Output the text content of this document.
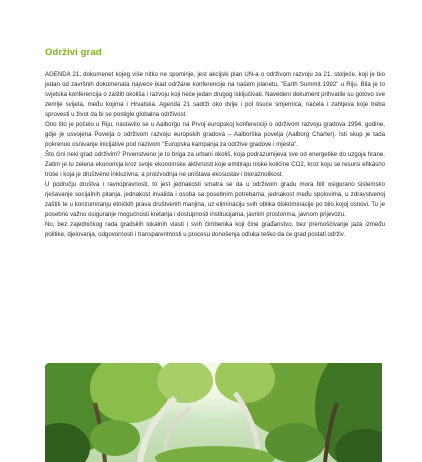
Održivi grad

AGENDA 21, dokumenet kojeg više nitko ne spominje, jest akcijski plan UN-a o održivom razvoju za 21. stoljeće, koji je bio jedan od završnih dokumenata najveće ikad održane konferencije na našem planetu, "Earth Summit 1992" u Riju. Bila je to svjetska konferencija o zaštiti okoliša i razvoju koji neće jedan drugog isključivati. Navedeni dokument prihvatile su gotovo sve zemlje svijeta, među kojima i Hrvatska. Agenda 21 sadrži oko dvije i pol tisuće smjernica, načela i zahtjeva koje treba sprovesti u život da bi se postigle globalna održivost.

Ono što je počelo u Riju, nastavilo se u Aalborgu na Prvoj europskoj konferenciji o održivom razvoju gradova 1994. godine, gdje je usvojena Povelja o održivom razvoju europskih gradova – Aalborška povelja (Aalborg Charter). Isti skup je tada pokrenuo osnivanje inicijative pod nazivom "Europska kampanja za održive gradove i mjesta".

Što čini neki grad održivim? Prvenstveno je to briga za urbani okoliš, koja podrazumijeva sve od energetike do uzgoja hrane. Zatim je tu zelena ekonomija kroz svoje ekonomske aktivnosti koje emitiraju niske količine CO2, kroz koju se resursi efikasno troše i koja je društveno inkluzivna, a proizvodnja ne uništava ekosustav i bioraznolikost.

U području društva i ravnopravnosti, to jest jednakosti smatra se da u održivom gradu mora biti osigurano sistemsko rješavanje socijalnih pitanja, jednakost invalida i osoba sa posebnim potrebama, jednakost među spolovima, u zdravstvenoj zaštiti te u konzumiranju etničkih prava društvenih manjina, uz eliminaciju svih oblika diskriminacije po bilo kojoj osnovi. Tu je posebno važno osiguranje mogućnosti kretanja i dostupnosti institucijama, javnim prostorima, javnom prijevozu.

No, bez zajedničkog rada gradskih lokalnih vlasti i svih čimbenika koji čine građanstvo, bez premošćivanje jaza između politike, djelovanja, odgovornosti i transparentnosti u procesu donošenja odluka teško da će grad postati održiv.
